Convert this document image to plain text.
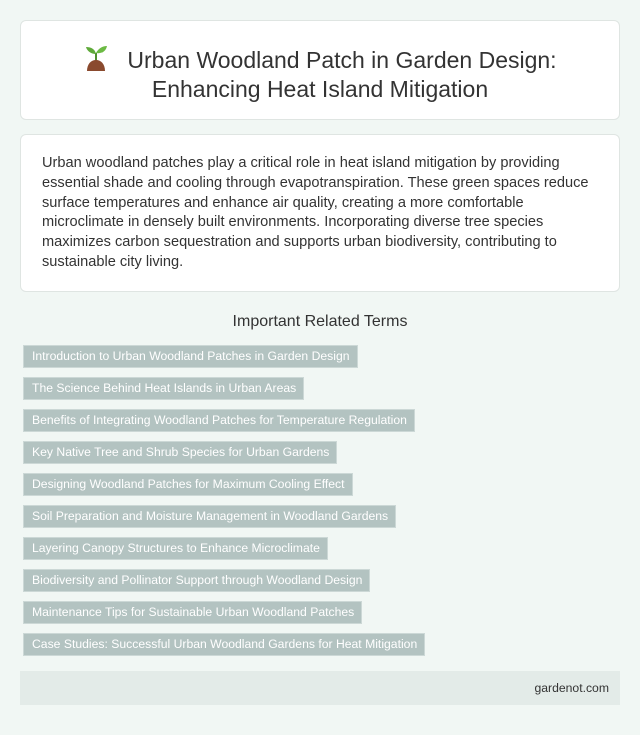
Urban Woodland Patch in Garden Design:
Enhancing Heat Island Mitigation

Urban woodland patches play a critical role in heat island mitigation by providing essential shade and cooling through evapotranspiration. These green spaces reduce surface temperatures and enhance air quality, creating a more comfortable microclimate in densely built environments. Incorporating diverse tree species maximizes carbon sequestration and supports urban biodiversity, contributing to sustainable city living.

Important Related Terms
Introduction to Urban Woodland Patches in Garden Design
The Science Behind Heat Islands in Urban Areas
Benefits of Integrating Woodland Patches for Temperature Regulation
Key Native Tree and Shrub Species for Urban Gardens
Designing Woodland Patches for Maximum Cooling Effect
Soil Preparation and Moisture Management in Woodland Gardens
Layering Canopy Structures to Enhance Microclimate
Biodiversity and Pollinator Support through Woodland Design
Maintenance Tips for Sustainable Urban Woodland Patches
Case Studies: Successful Urban Woodland Gardens for Heat Mitigation
gardenot.com
